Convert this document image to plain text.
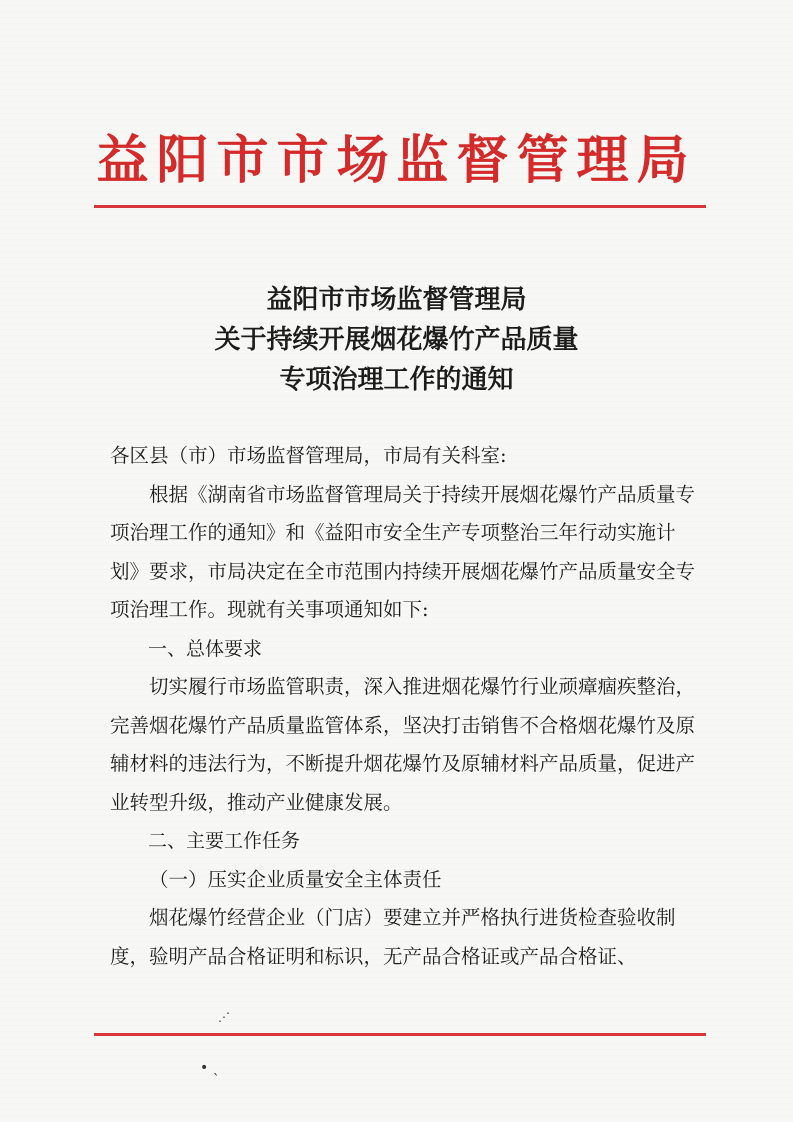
益阳市市场监督管理局
益阳市市场监督管理局
关于持续开展烟花爆竹产品质量
专项治理工作的通知

各区县（市）市场监督管理局，市局有关科室:

根据《湖南省市场监督管理局关于持续开展烟花爆竹产品质量专项治理工作的通知》和《益阳市安全生产专项整治三年行动实施计划》要求，市局决定在全市范围内持续开展烟花爆竹产品质量安全专项治理工作。现就有关事项通知如下:

一、总体要求

切实履行市场监管职责，深入推进烟花爆竹行业顽瘴痼疾整治，完善烟花爆竹产品质量监管体系，坚决打击销售不合格烟花爆竹及原辅材料的违法行为，不断提升烟花爆竹及原辅材料产品质量，促进产业转型升级，推动产业健康发展。

二、主要工作任务

（一）压实企业质量安全主体责任

烟花爆竹经营企业（门店）要建立并严格执行进货检查验收制度，验明产品合格证明和标识，无产品合格证或产品合格证、

⋰
• ˎ
